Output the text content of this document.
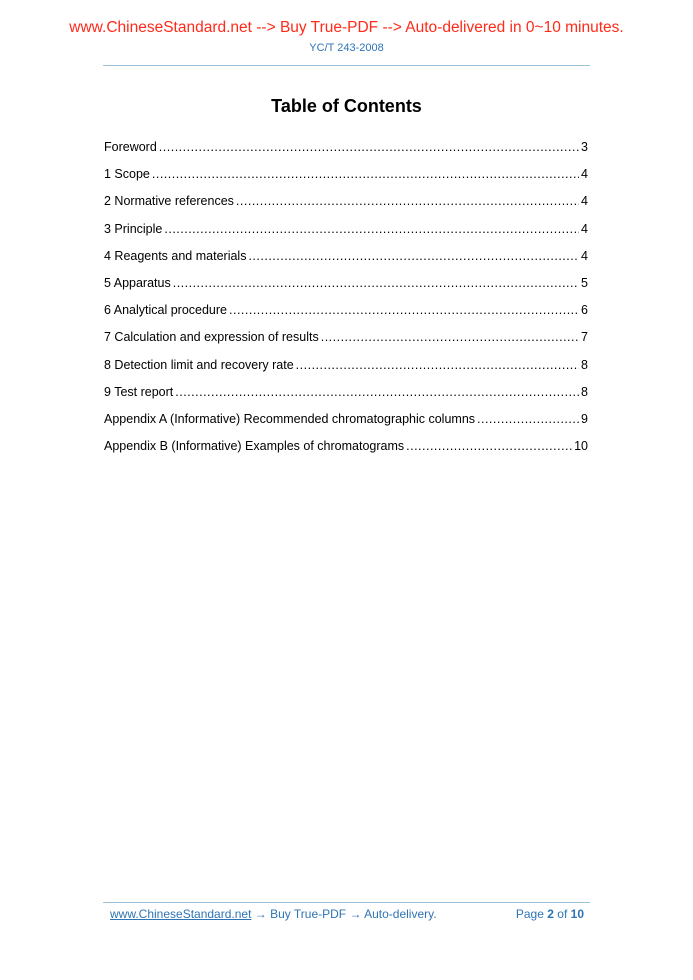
www.ChineseStandard.net --> Buy True-PDF --> Auto-delivered in 0~10 minutes.
YC/T 243-2008
Table of Contents
Foreword .....	3
1 Scope .....	4
2 Normative references .....	4
3 Principle .....	4
4 Reagents and materials .....	4
5 Apparatus .....	5
6 Analytical procedure .....	6
7 Calculation and expression of results .....	7
8 Detection limit and recovery rate .....	8
9 Test report .....	8
Appendix A (Informative) Recommended chromatographic columns .....	9
Appendix B (Informative) Examples of chromatograms .....	10
www.ChineseStandard.net → Buy True-PDF → Auto-delivery.	Page 2 of 10
